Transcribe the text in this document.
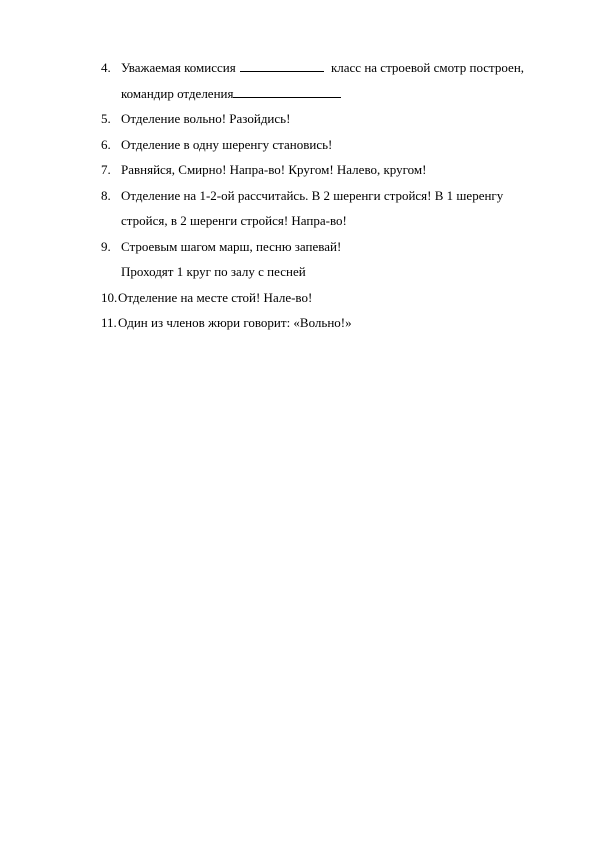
4. Уважаемая комиссия	класс на строевой смотр построен,
командир отделения
5. Отделение вольно! Разойдись!
6. Отделение в одну шеренгу становись!
7. Равняйся, Смирно! Напра-во! Кругом! Налево, кругом!
8. Отделение на 1-2-ой рассчитайсь. В 2 шеренги стройся! В 1 шеренгу
стройся, в 2 шеренги стройся! Напра-во!
9. Строевым шагом марш, песню запевай!
Проходят 1 круг по залу с песней
10. Отделение на месте стой! Нале-во!
11. Один из членов жюри говорит: «Вольно!»
